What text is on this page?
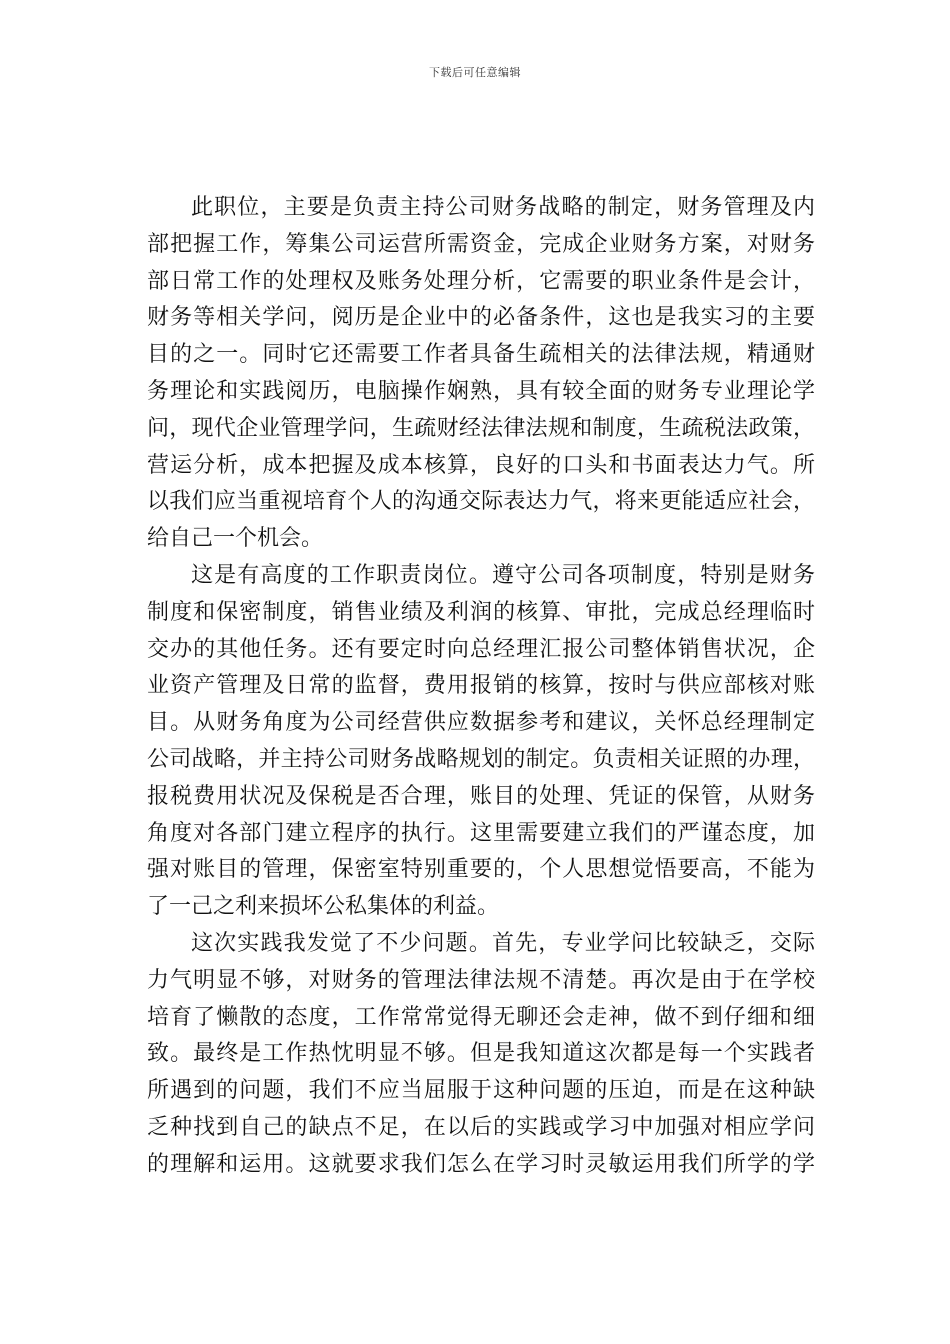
下载后可任意编辑
此职位，主要是负责主持公司财务战略的制定，财务管理及内
部把握工作，筹集公司运营所需资金，完成企业财务方案，对财务
部日常工作的处理权及账务处理分析，它需要的职业条件是会计，
财务等相关学问，阅历是企业中的必备条件，这也是我实习的主要
目的之一。同时它还需要工作者具备生疏相关的法律法规，精通财
务理论和实践阅历，电脑操作娴熟，具有较全面的财务专业理论学
问，现代企业管理学问，生疏财经法律法规和制度，生疏税法政策，
营运分析，成本把握及成本核算，良好的口头和书面表达力气。所
以我们应当重视培育个人的沟通交际表达力气，将来更能适应社会，
给自己一个机会。
这是有高度的工作职责岗位。遵守公司各项制度，特别是财务
制度和保密制度，销售业绩及利润的核算、审批，完成总经理临时
交办的其他任务。还有要定时向总经理汇报公司整体销售状况，企
业资产管理及日常的监督，费用报销的核算，按时与供应部核对账
目。从财务角度为公司经营供应数据参考和建议，关怀总经理制定
公司战略，并主持公司财务战略规划的制定。负责相关证照的办理，
报税费用状况及保税是否合理，账目的处理、凭证的保管，从财务
角度对各部门建立程序的执行。这里需要建立我们的严谨态度，加
强对账目的管理，保密室特别重要的，个人思想觉悟要高，不能为
了一己之利来损坏公私集体的利益。
这次实践我发觉了不少问题。首先，专业学问比较缺乏，交际
力气明显不够，对财务的管理法律法规不清楚。再次是由于在学校
培育了懒散的态度，工作常常觉得无聊还会走神，做不到仔细和细
致。最终是工作热忱明显不够。但是我知道这次都是每一个实践者
所遇到的问题，我们不应当屈服于这种问题的压迫，而是在这种缺
乏种找到自己的缺点不足，在以后的实践或学习中加强对相应学问
的理解和运用。这就要求我们怎么在学习时灵敏运用我们所学的学
